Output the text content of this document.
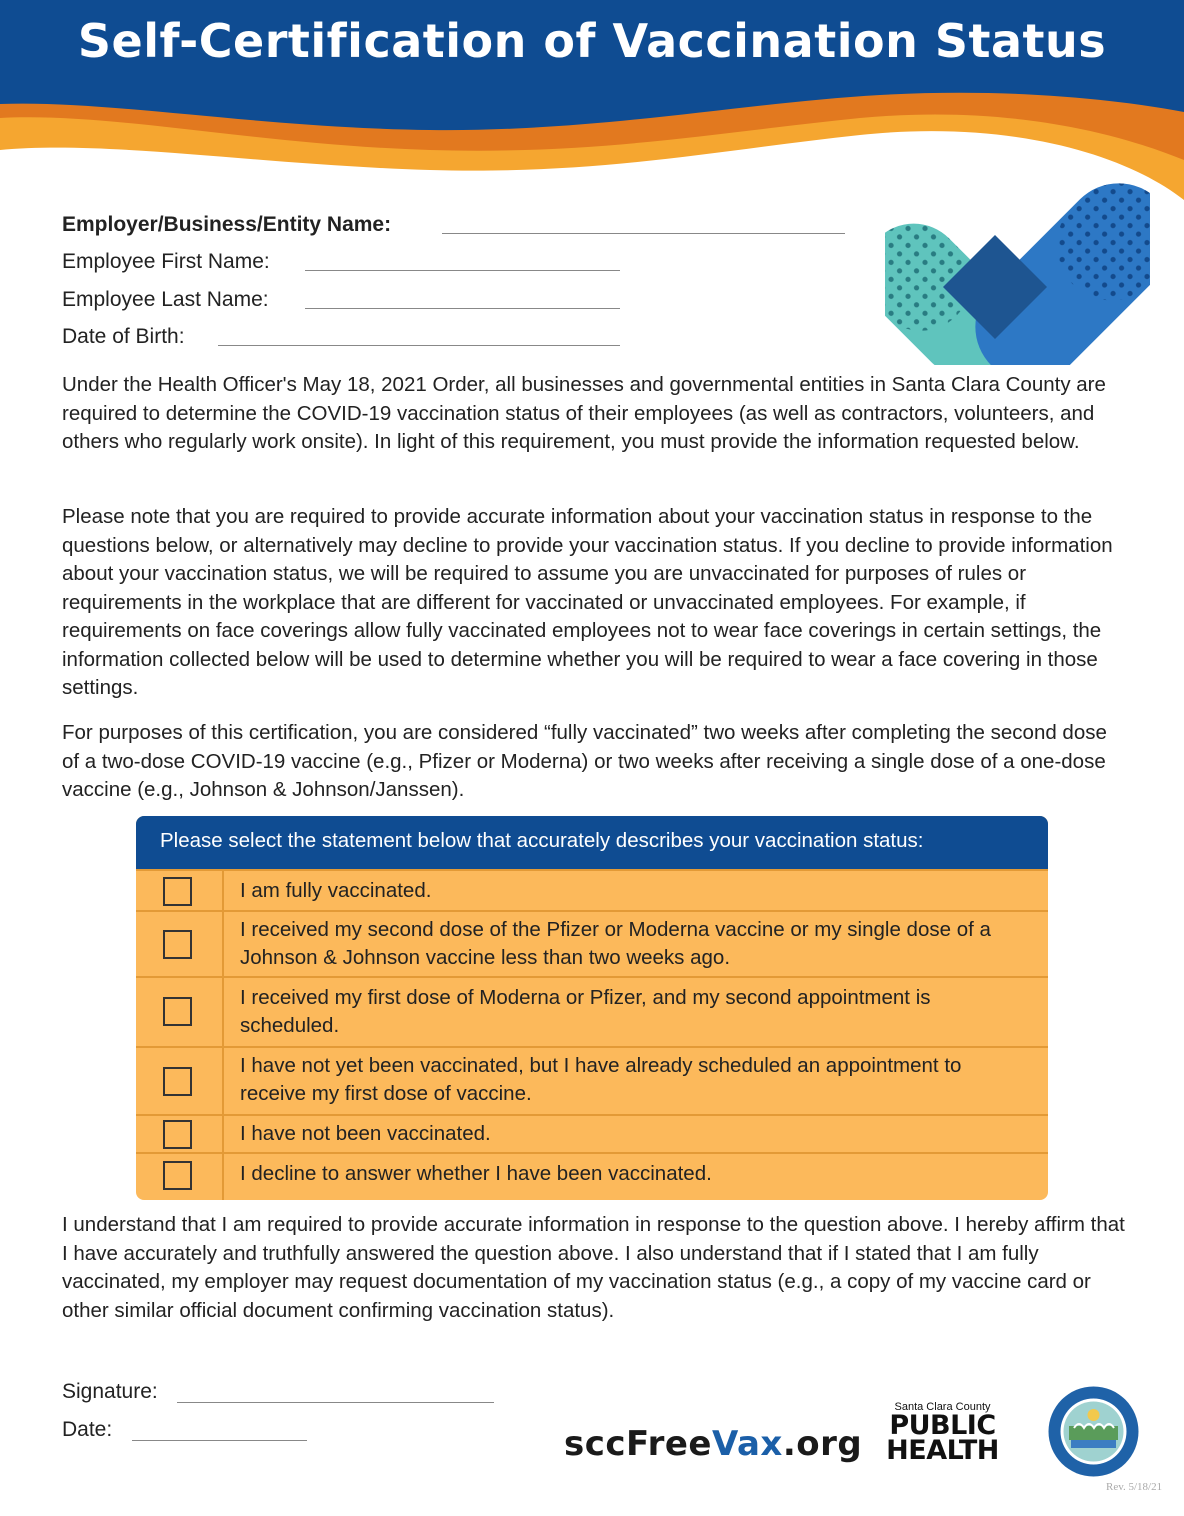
Self-Certification of Vaccination Status
Employer/Business/Entity Name:
Employee First Name:
Employee Last Name:
Date of Birth:
Under the Health Officer's May 18, 2021 Order, all businesses and governmental entities in Santa Clara County are required to determine the COVID-19 vaccination status of their employees (as well as contractors, volunteers, and others who regularly work onsite). In light of this requirement, you must provide the information requested below.
Please note that you are required to provide accurate information about your vaccination status in response to the questions below, or alternatively may decline to provide your vaccination status. If you decline to provide information about your vaccination status, we will be required to assume you are unvaccinated for purposes of rules or requirements in the workplace that are different for vaccinated or unvaccinated employees. For example, if requirements on face coverings allow fully vaccinated employees not to wear face coverings in certain settings, the information collected below will be used to determine whether you will be required to wear a face covering in those settings.
For purposes of this certification, you are considered “fully vaccinated” two weeks after completing the second dose of a two-dose COVID-19 vaccine (e.g., Pfizer or Moderna) or two weeks after receiving a single dose of a one-dose vaccine (e.g., Johnson & Johnson/Janssen).
Please select the statement below that accurately describes your vaccination status:
I am fully vaccinated.
I received my second dose of the Pfizer or Moderna vaccine or my single dose of a Johnson & Johnson vaccine less than two weeks ago.
I received my first dose of Moderna or Pfizer, and my second appointment is scheduled.
I have not yet been vaccinated, but I have already scheduled an appointment to receive my first dose of vaccine.
I have not been vaccinated.
I decline to answer whether I have been vaccinated.
I understand that I am required to provide accurate information in response to the question above. I hereby affirm that I have accurately and truthfully answered the question above. I also understand that if I stated that I am fully vaccinated, my employer may request documentation of my vaccination status (e.g., a copy of my vaccine card or other similar official document confirming vaccination status).
Signature:
Date:	sccFreeVax.org
Santa Clara County
PUBLIC
HEALTH
Rev. 5/18/21
